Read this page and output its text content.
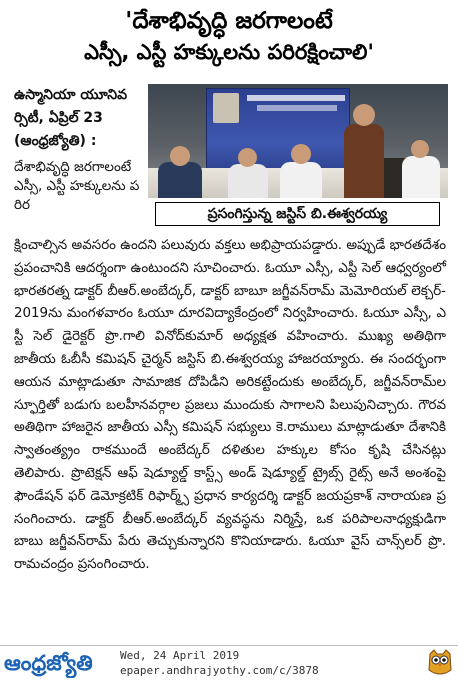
'దేశాభివృద్ధి జరగాలంటే
ఎస్సీ, ఎస్టీ హక్కులను పరిరక్షించాలి'
ఉస్మానియా యూనివర్సిటీ, ఏప్రిల్ 23 (ఆంధ్రజ్యోతి) :
దేశాభివృద్ధి జరగాలంటే ఎస్సీ, ఎస్టీ హక్కులను పరిర
ప్రసంగిస్తున్న జస్టిస్ బి.ఈశ్వరయ్య
క్షించాల్సిన అవసరం ఉందని పలువురు వక్తలు అభిప్రాయపడ్డారు. అప్పుడే భారతదేశం ప్రపంచానికి ఆదర్శంగా ఉంటుందని సూచించారు. ఓయూ ఎస్సీ, ఎస్టీ సెల్ ఆధ్వర్యంలో భారతరత్న డాక్టర్ బీఆర్.అంబేద్కర్, డాక్టర్ బాబూ జగ్జీవన్‌రామ్ మెమోరియల్ లెక్చర్-2019ను మంగళవారం ఓయూ దూరవిద్యాకేంద్రంలో నిర్వహించారు. ఓయూ ఎస్సీ, ఎస్టీ సెల్ డైరెక్టర్ ప్రొ.గాలి వినోద్‌కుమార్ అధ్యక్షత వహించారు. ముఖ్య అతిథిగా జాతీయ ఓబీసీ కమిషన్ చైర్మన్ జస్టిస్ బి.ఈశ్వరయ్య హాజరయ్యారు. ఈ సందర్భంగా ఆయన మాట్లాడుతూ సామాజిక దోపిడీని అరికట్టేందుకు అంబేద్కర్, జగ్జీవన్‌రామ్‌ల స్ఫూర్తితో బడుగు బలహీనవర్గాల ప్రజలు ముందుకు సాగాలని పిలుపునిచ్చారు. గౌరవ అతిథిగా హాజరైన జాతీయ ఎస్సీ కమిషన్ సభ్యులు కె.రాములు మాట్లాడుతూ దేశానికి స్వాతంత్య్రం రాకముందే అంబేద్కర్ దళితుల హక్కుల కోసం కృషి చేసినట్లు తెలిపారు. ప్రొటెక్షన్ ఆఫ్ షెడ్యూల్డ్ కాస్ట్స్ అండ్ షెడ్యూల్డ్ ట్రైబ్స్ రైట్స్ అనే అంశంపై ఫౌండేషన్ ఫర్ డెమోక్రటిక్ రిఫార్మ్స్ ప్రధాన కార్యదర్శి డాక్టర్ జయప్రకాశ్ నారాయణ ప్రసంగించారు. డాక్టర్ బీఆర్.అంబేద్కర్ వ్యవస్థను నిర్మిస్తే, ఒక పరిపాలనాధ్యక్షుడిగా బాబు జగ్జీవన్‌రామ్ పేరు తెచ్చుకున్నారని కొనియాడారు. ఓయూ వైస్ చాన్స్‌లర్ ప్రొ.రామచంద్రం ప్రసంగించారు.
ఆంధ్రజ్యోతి	Wed, 24 April 2019
epaper.andhrajyothy.com/c/3878
